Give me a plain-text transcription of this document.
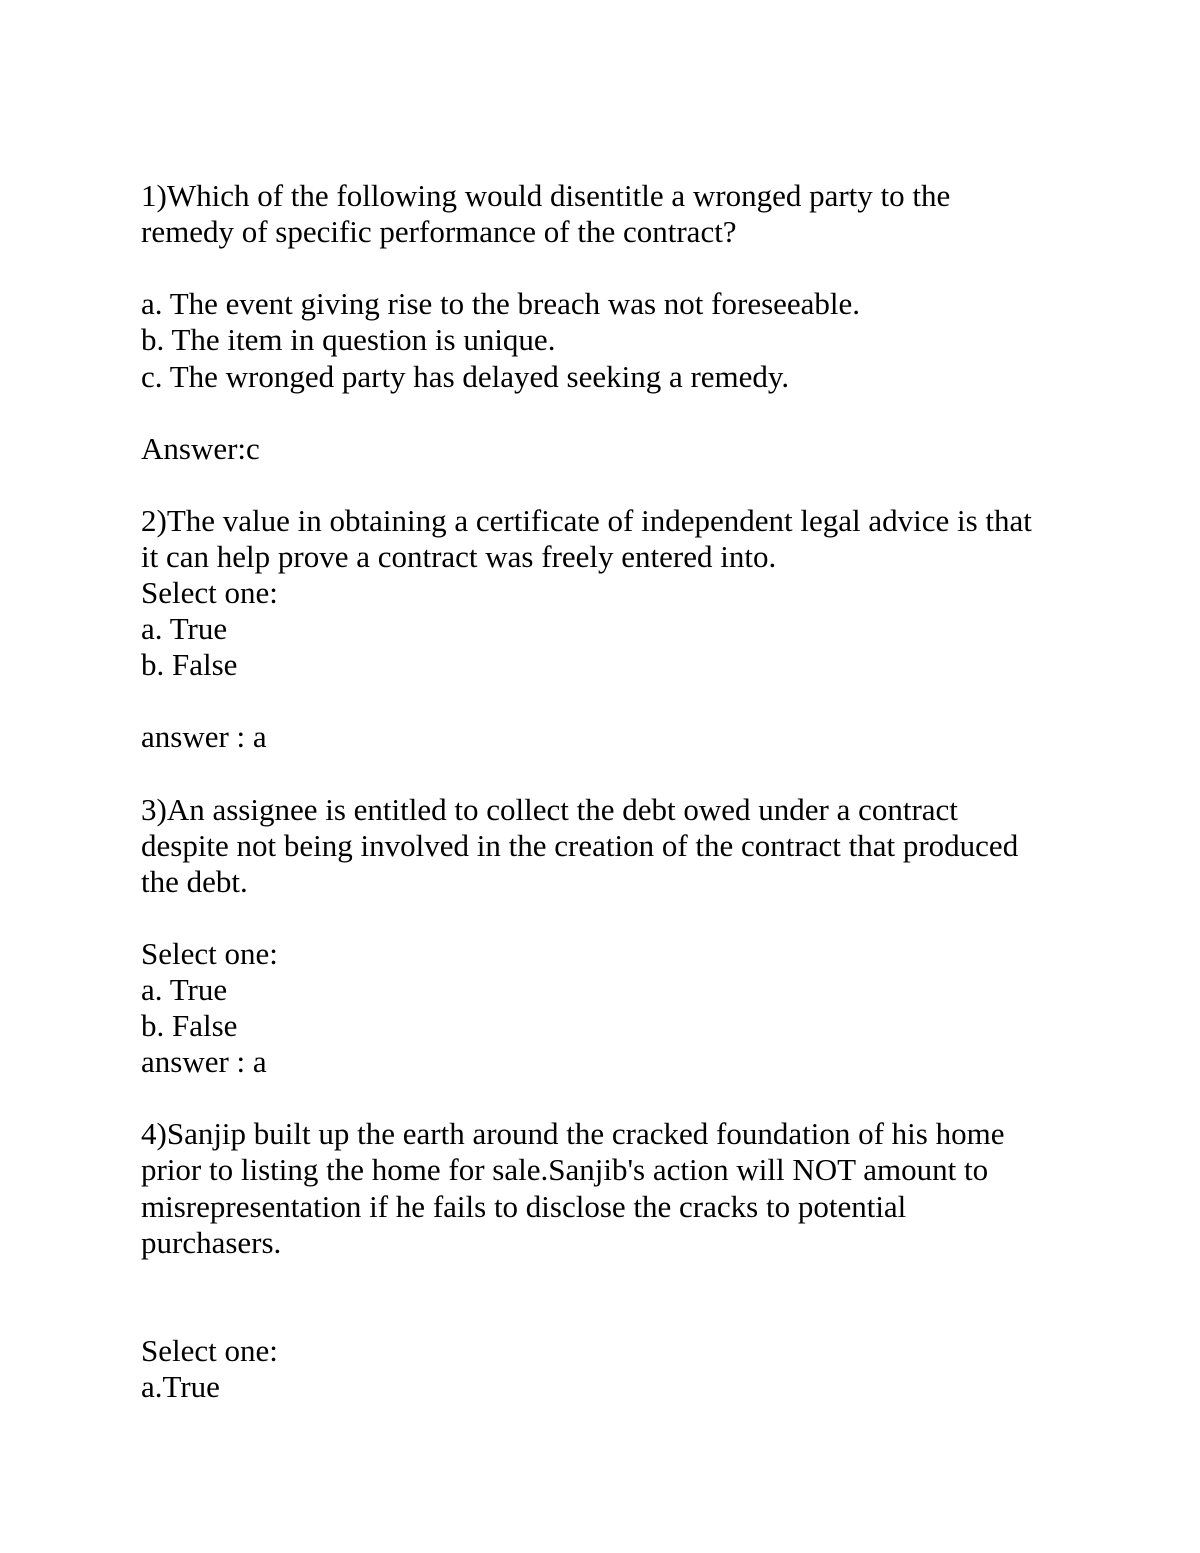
1)Which of the following would disentitle a wronged party to the

remedy of specific performance of the contract?

a. The event giving rise to the breach was not foreseeable.

b. The item in question is unique.

c. The wronged party has delayed seeking a remedy.

Answer:c

2)The value in obtaining a certificate of independent legal advice is that

it can help prove a contract was freely entered into.

Select one:

a. True

b. False

answer : a

3)An assignee is entitled to collect the debt owed under a contract

despite not being involved in the creation of the contract that produced

the debt.

Select one:

a. True

b. False

answer : a

4)Sanjip built up the earth around the cracked foundation of his home

prior to listing the home for sale.Sanjib's action will NOT amount to

misrepresentation if he fails to disclose the cracks to potential

purchasers.

Select one:

a.True
